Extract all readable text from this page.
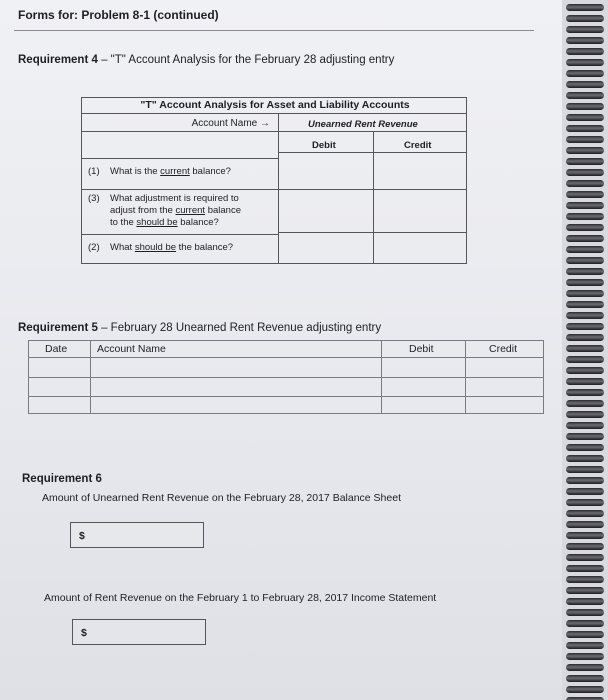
Forms for: Problem 8-1 (continued)
Requirement 4 – "T" Account Analysis for the February 28 adjusting entry
"T" Account Analysis for Asset and Liability Accounts
Account Name →	Unearned Rent Revenue
Debit	Credit
(1) What is the current balance?
(3) What adjustment is required to
adjust from the current balance
to the should be balance?
(2) What should be the balance?
Requirement 5 – February 28 Unearned Rent Revenue adjusting entry
Date	Account Name	Debit	Credit
Requirement 6
Amount of Unearned Rent Revenue on the February 28, 2017 Balance Sheet
$
Amount of Rent Revenue on the February 1 to February 28, 2017 Income Statement
$
